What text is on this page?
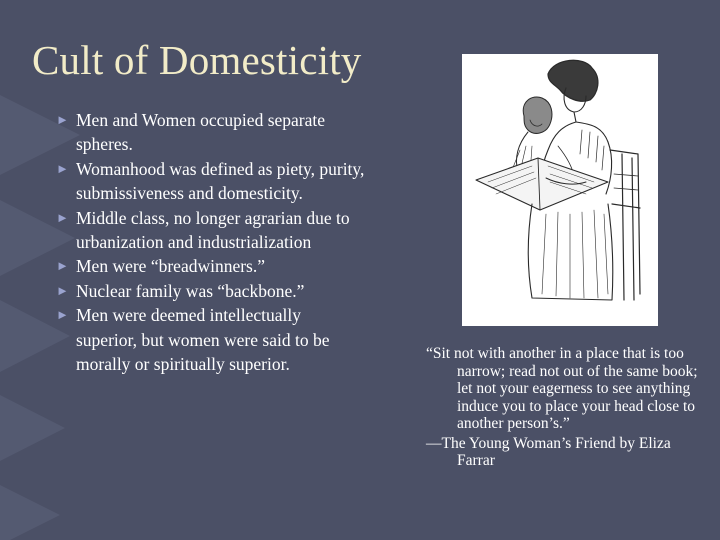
Cult of Domesticity
► Men and Women occupied separate spheres.
► Womanhood was defined as piety, purity, submissiveness and domesticity.
► Middle class, no longer agrarian due to urbanization and industrialization
► Men were “breadwinners.”
► Nuclear family was “backbone.”
► Men were deemed intellectually superior, but women were said to be morally or spiritually superior.

“Sit not with another in a place that is too narrow; read not out of the same book; let not your eagerness to see anything induce you to place your head close to another person’s.”

—The Young Woman’s Friend by Eliza Farrar
